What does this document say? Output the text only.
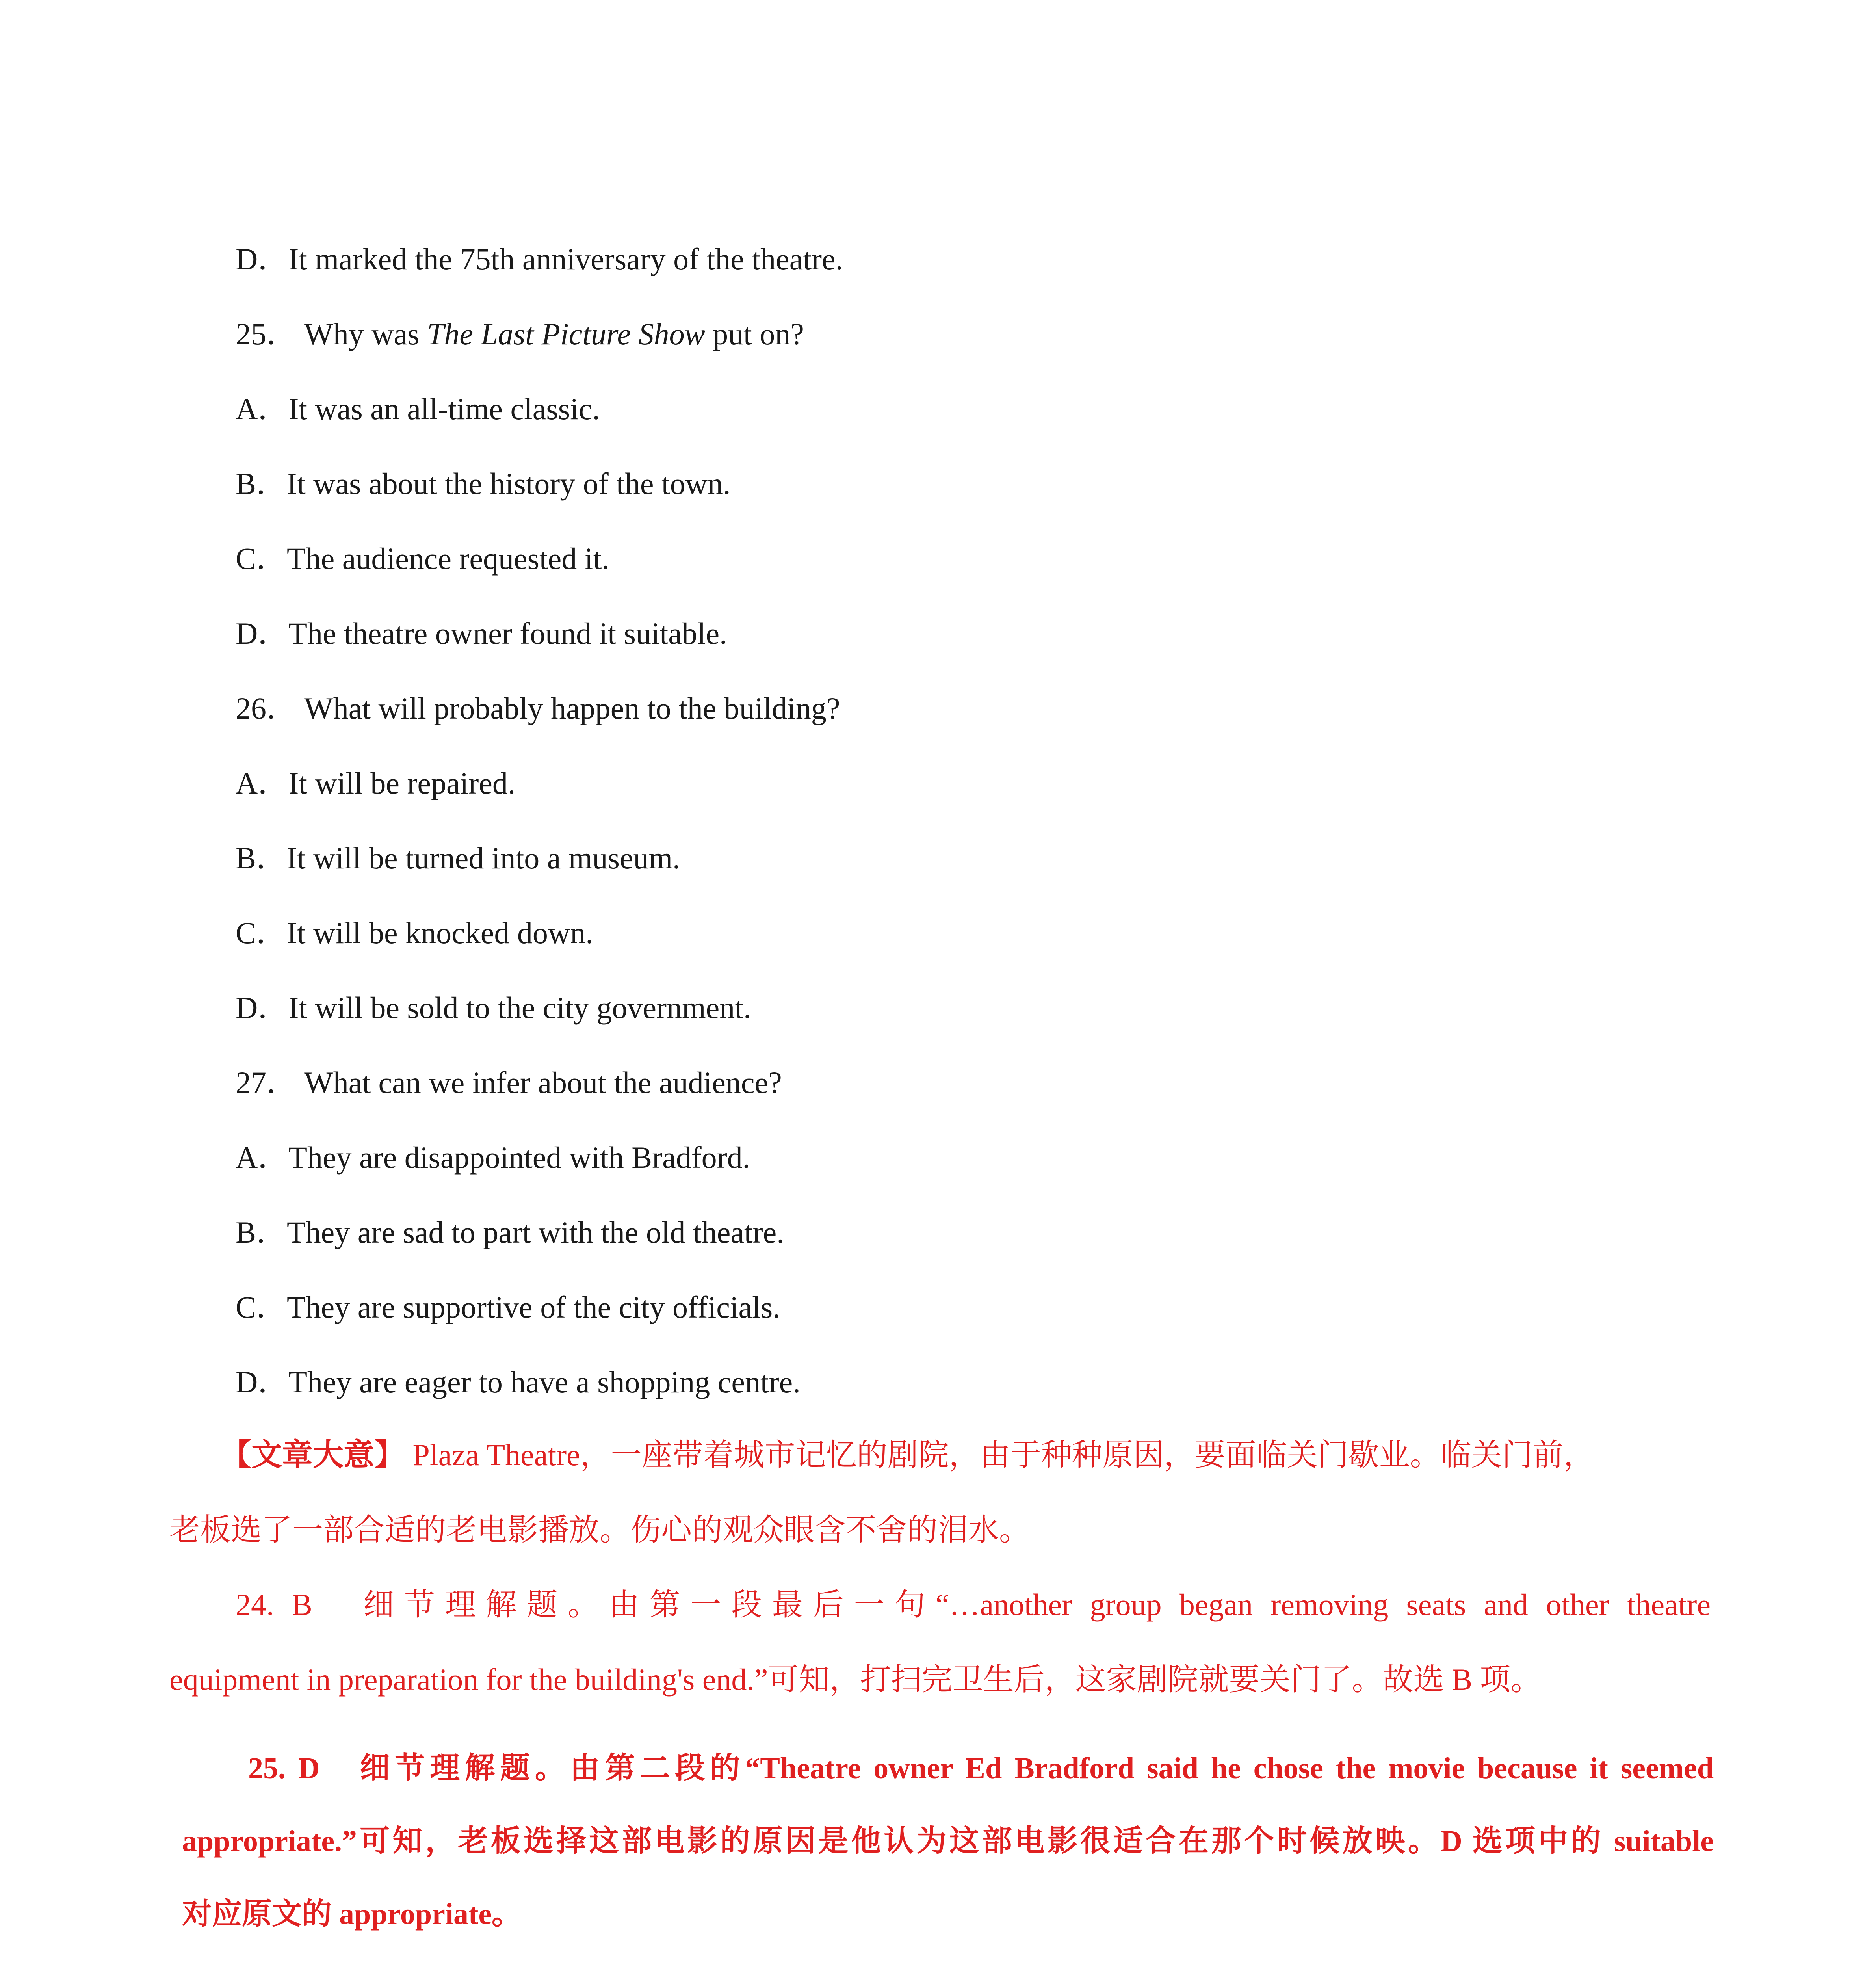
D．It marked the 75th anniversary of the theatre.
25． Why was The Last Picture Show put on?
A．It was an all-time classic.
B．It was about the history of the town.
C．The audience requested it.
D．The theatre owner found it suitable.
26． What will probably happen to the building?
A．It will be repaired.
B．It will be turned into a museum.
C．It will be knocked down.
D．It will be sold to the city government.
27． What can we infer about the audience?
A．They are disappointed with Bradford.
B．They are sad to part with the old theatre.
C．They are supportive of the city officials.
D．They are eager to have a shopping centre.
【文章大意】 Plaza Theatre，一座带着城市记忆的剧院，由于种种原因，要面临关门歇业。临关门前，
老板选了一部合适的老电影播放。伤心的观众眼含不舍的泪水。
24. B　细节理解题。由第一段最后一句“…another group began removing seats and other theatre
equipment in preparation for the building's end.”可知，打扫完卫生后，这家剧院就要关门了。故选 B 项。
25. D　细节理解题。由第二段的“Theatre owner Ed Bradford said he chose the movie because it seemed
appropriate.”可知，老板选择这部电影的原因是他认为这部电影很适合在那个时候放映。D 选项中的 suitable
对应原文的 appropriate。
